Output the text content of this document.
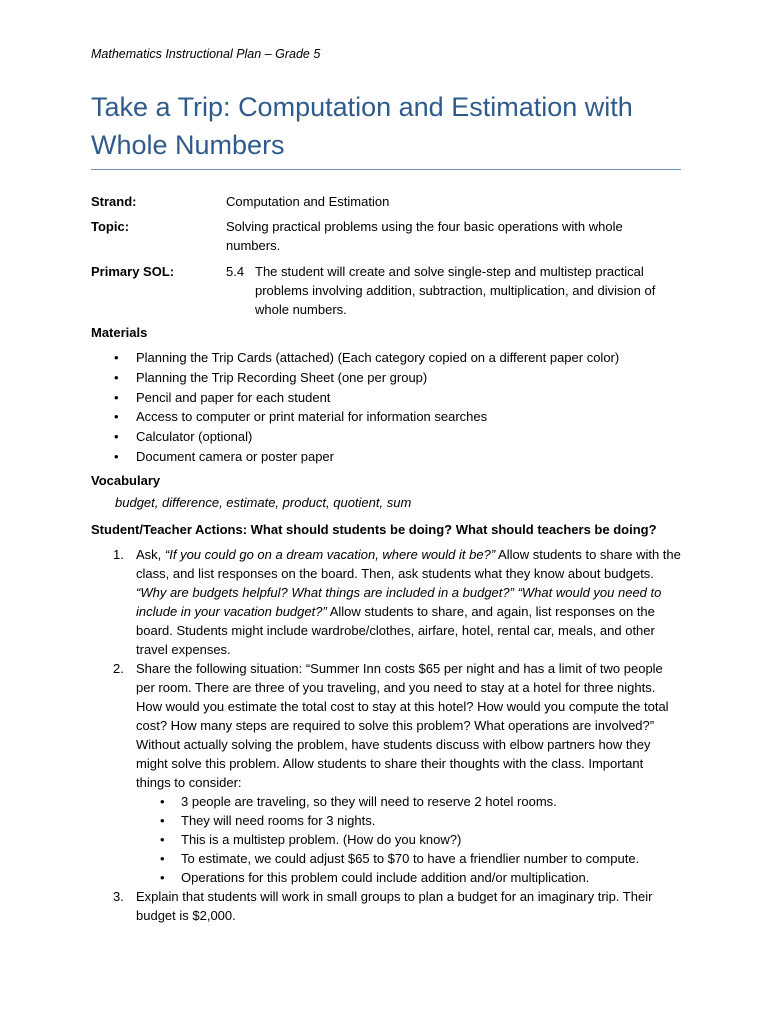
Mathematics Instructional Plan – Grade 5
Take a Trip: Computation and Estimation with
Whole Numbers
Strand:	Computation and Estimation
Topic:	Solving practical problems using the four basic operations with whole numbers.
Primary SOL:	5.4 The student will create and solve single-step and multistep practical problems involving addition, subtraction, multiplication, and division of whole numbers.
Materials
• Planning the Trip Cards (attached) (Each category copied on a different paper color)
• Planning the Trip Recording Sheet (one per group)
• Pencil and paper for each student
• Access to computer or print material for information searches
• Calculator (optional)
• Document camera or poster paper
Vocabulary
budget, difference, estimate, product, quotient, sum
Student/Teacher Actions: What should students be doing? What should teachers be doing?
1. Ask, “If you could go on a dream vacation, where would it be?” Allow students to share with the class, and list responses on the board. Then, ask students what they know about budgets. “Why are budgets helpful? What things are included in a budget?” “What would you need to include in your vacation budget?” Allow students to share, and again, list responses on the board. Students might include wardrobe/clothes, airfare, hotel, rental car, meals, and other travel expenses.
2. Share the following situation: “Summer Inn costs $65 per night and has a limit of two people per room. There are three of you traveling, and you need to stay at a hotel for three nights. How would you estimate the total cost to stay at this hotel? How would you compute the total cost? How many steps are required to solve this problem? What operations are involved?” Without actually solving the problem, have students discuss with elbow partners how they might solve this problem. Allow students to share their thoughts with the class. Important things to consider:
• 3 people are traveling, so they will need to reserve 2 hotel rooms.
• They will need rooms for 3 nights.
• This is a multistep problem. (How do you know?)
• To estimate, we could adjust $65 to $70 to have a friendlier number to compute.
• Operations for this problem could include addition and/or multiplication.
3. Explain that students will work in small groups to plan a budget for an imaginary trip. Their budget is $2,000.
